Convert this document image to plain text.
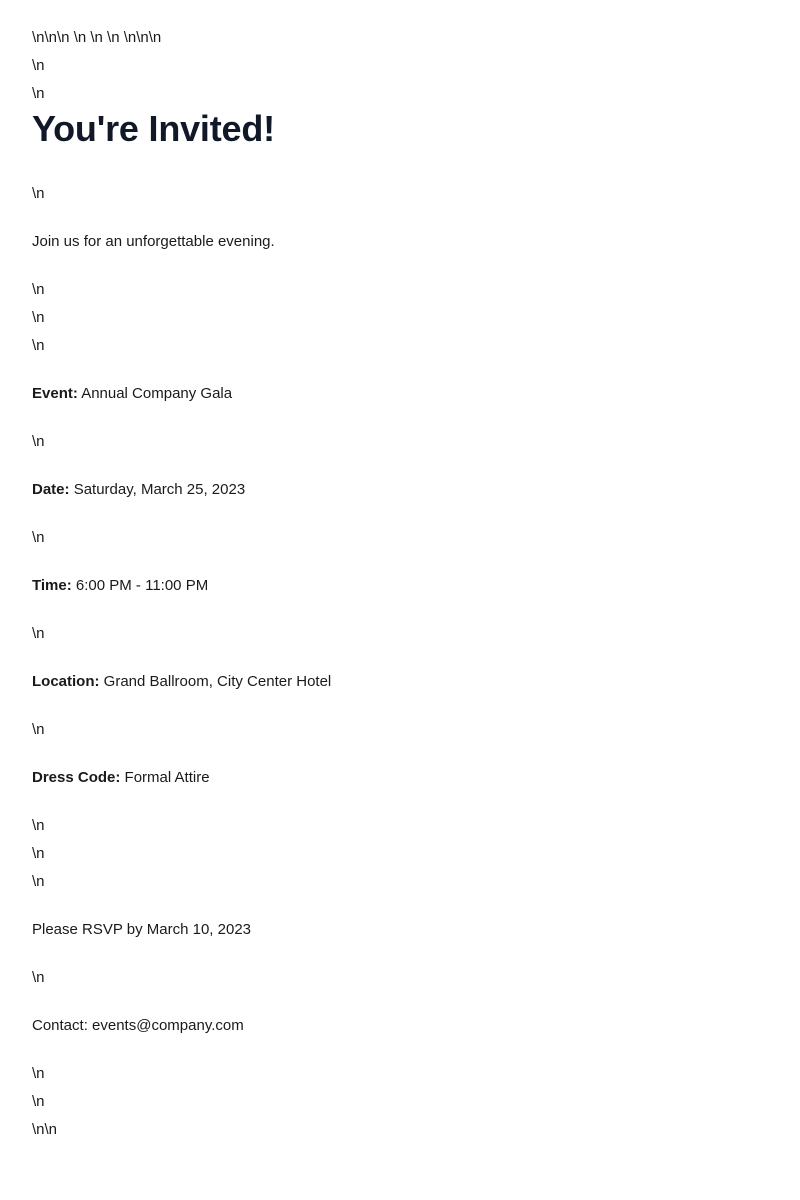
\n\n\n \n \n \n \n\n\n

\n

\n

You're Invited!

\n

Join us for an unforgettable evening.

\n

\n

\n

Event: Annual Company Gala

\n

Date: Saturday, March 25, 2023

\n

Time: 6:00 PM - 11:00 PM

\n

Location: Grand Ballroom, City Center Hotel

\n

Dress Code: Formal Attire

\n

\n

\n

Please RSVP by March 10, 2023

\n

Contact: events@company.com

\n

\n

\n\n
